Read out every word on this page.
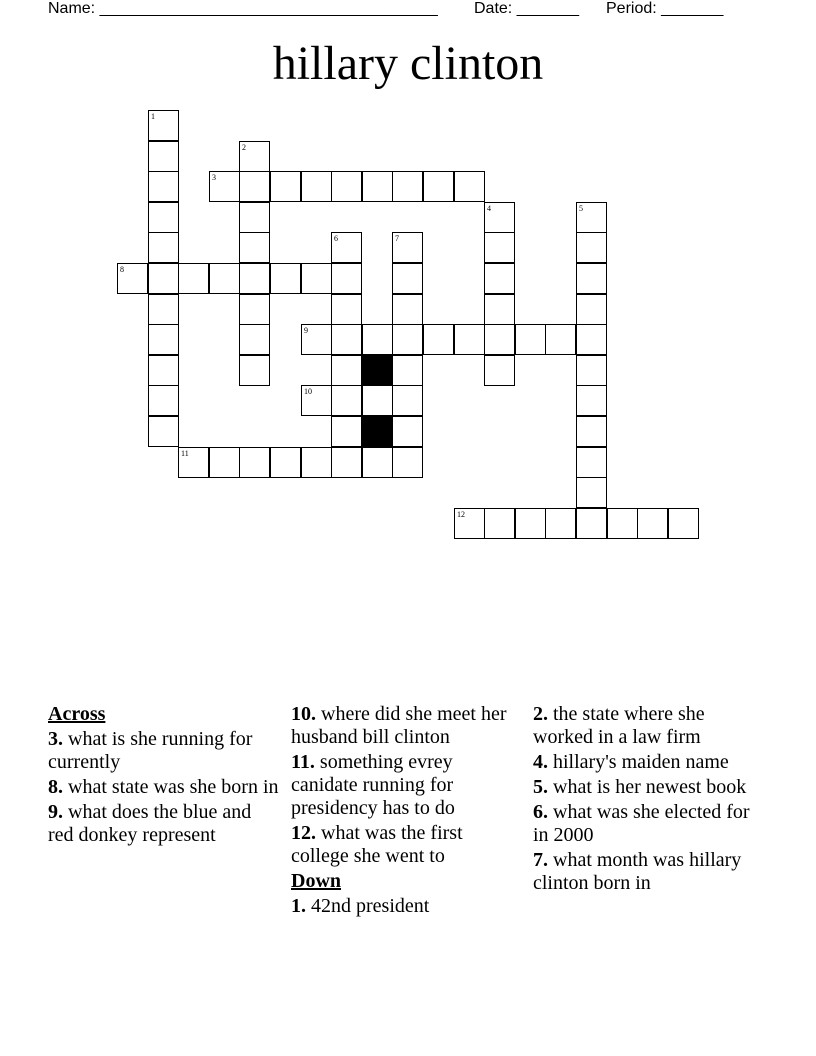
Name: ______________________________________ Date: _______ Period: _______
hillary clinton
1
2
3
4	5
6	7
8
9
10
11
12
Across
3. what is she running for currently
8. what state was she born in
9. what does the blue and red donkey represent
10. where did she meet her husband bill clinton
11. something evrey canidate running for presidency has to do
12. what was the first college she went to
Down
1. 42nd president
2. the state where she worked in a law firm
4. hillary's maiden name
5. what is her newest book
6. what was she elected for in 2000
7. what month was hillary clinton born in
